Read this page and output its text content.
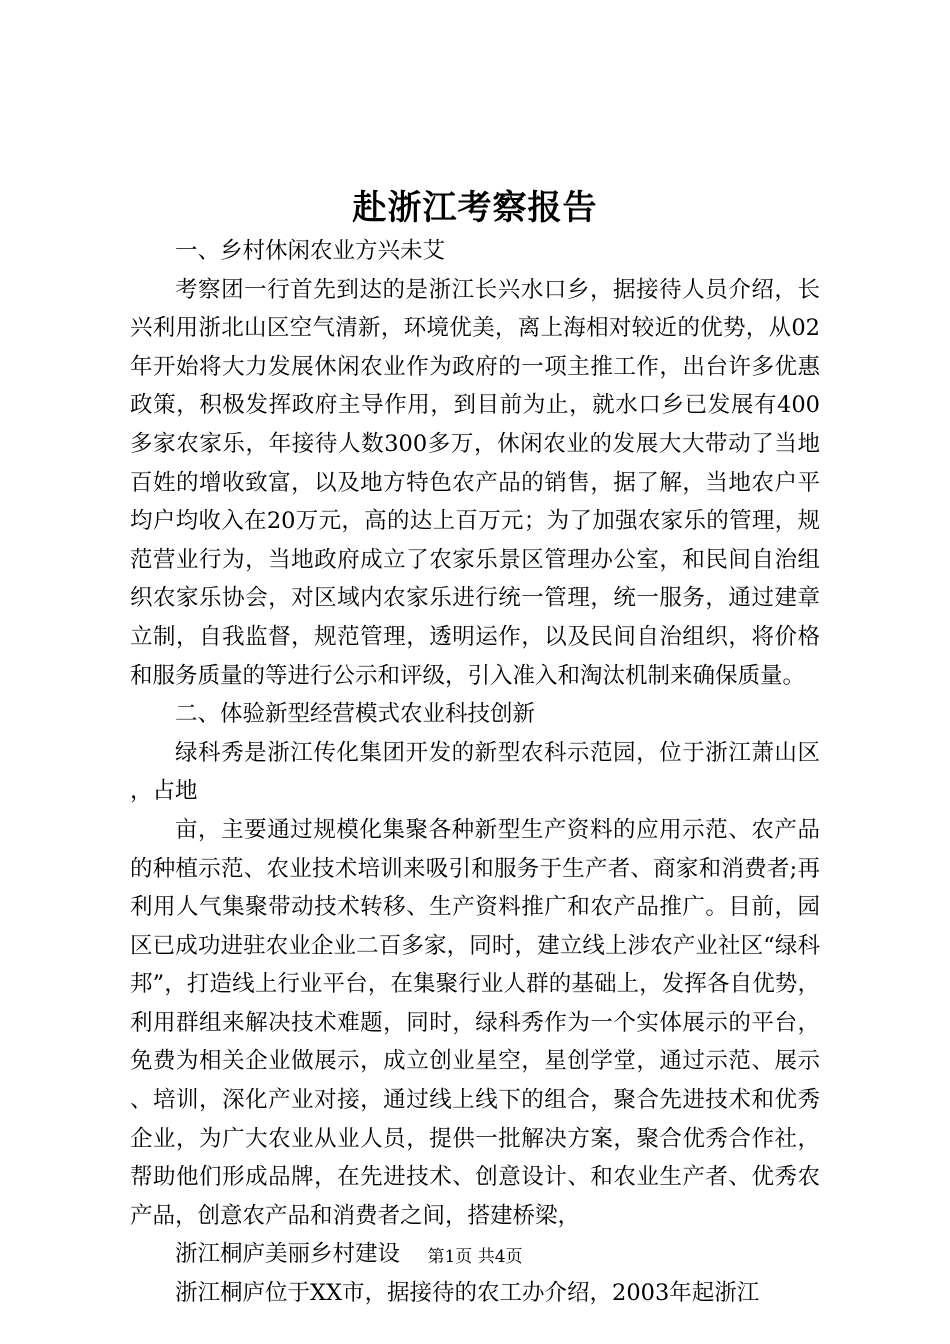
赴浙江考察报告

一、乡村休闲农业方兴未艾

考察团一行首先到达的是浙江长兴水口乡，据接待人员介绍，长兴利用浙北山区空气清新，环境优美，离上海相对较近的优势，从02年开始将大力发展休闲农业作为政府的一项主推工作，出台许多优惠政策，积极发挥政府主导作用，到目前为止，就水口乡已发展有400多家农家乐，年接待人数300多万，休闲农业的发展大大带动了当地百姓的增收致富，以及地方特色农产品的销售，据了解，当地农户平均户均收入在20万元，高的达上百万元；为了加强农家乐的管理，规范营业行为，当地政府成立了农家乐景区管理办公室，和民间自治组织农家乐协会，对区域内农家乐进行统一管理，统一服务，通过建章立制，自我监督，规范管理，透明运作，以及民间自治组织，将价格和服务质量的等进行公示和评级，引入准入和淘汰机制来确保质量。

二、体验新型经营模式农业科技创新

绿科秀是浙江传化集团开发的新型农科示范园，位于浙江萧山区，占地

亩，主要通过规模化集聚各种新型生产资料的应用示范、农产品的种植示范、农业技术培训来吸引和服务于生产者、商家和消费者;再利用人气集聚带动技术转移、生产资料推广和农产品推广。目前，园区已成功进驻农业企业二百多家，同时，建立线上涉农产业社区“绿科邦”，打造线上行业平台，在集聚行业人群的基础上，发挥各自优势，利用群组来解决技术难题，同时，绿科秀作为一个实体展示的平台，免费为相关企业做展示，成立创业星空，星创学堂，通过示范、展示、培训，深化产业对接，通过线上线下的组合，聚合先进技术和优秀企业，为广大农业从业人员，提供一批解决方案，聚合优秀合作社，帮助他们形成品牌，在先进技术、创意设计、和农业生产者、优秀农产品，创意农产品和消费者之间，搭建桥梁，

浙江桐庐美丽乡村建设

浙江桐庐位于XX市，据接待的农工办介绍，2003年起浙江

第1页 共4页
